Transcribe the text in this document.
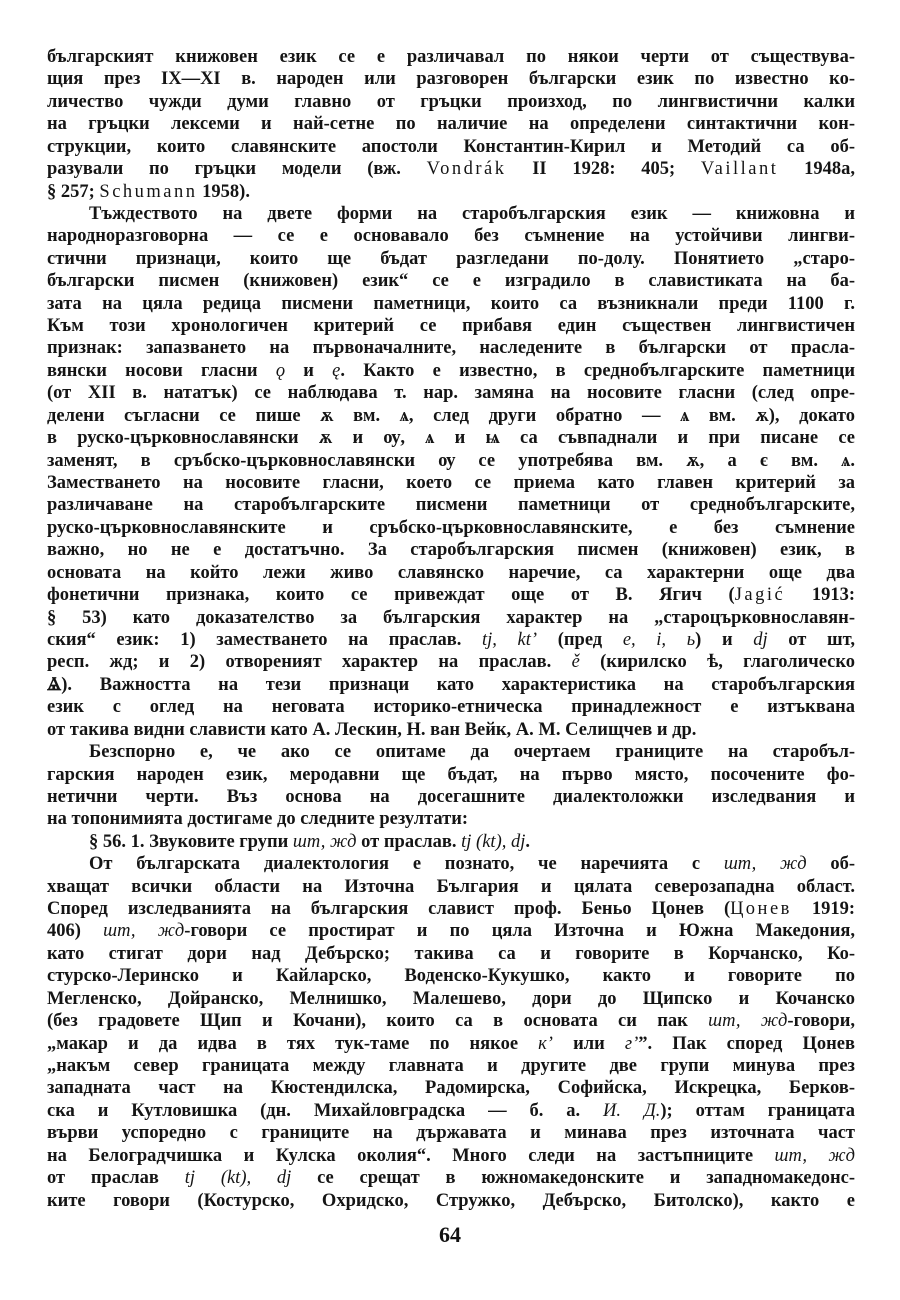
българският книжовен език се е различавал по някои черти от съществува-
щия през IX—XI в. народен или разговорен български език по известно ко-
личество чужди думи главно от гръцки произход, по лингвистични калки
на гръцки лексеми и най-сетне по наличие на определени синтактични кон-
струкции, които славянските апостоли Константин-Кирил и Методий са об-
разували по гръцки модели (вж. Vondrák II 1928: 405; Vaillant 1948a,
§ 257; Schumann 1958).
Тъждеството на двете форми на старобългарския език — книжовна и
народноразговорна — се е основавало без съмнение на устойчиви лингви-
стични признаци, които ще бъдат разгледани по-долу. Понятието „старо-
български писмен (книжовен) език“ се е изградило в славистиката на ба-
зата на цяла редица писмени паметници, които са възникнали преди 1100 г.
Към този хронологичен критерий се прибавя един съществен лингвистичен
признак: запазването на първоначалните, наследените в български от праcла-
вянски носови гласни ǫ и ę. Както е известно, в среднобългарските паметници
(от XII в. нататък) се наблюдава т. нар. замяна на носовите гласни (след опре-
делени съгласни се пише ѫ вм. ѧ, след други обратно — ѧ вм. ѫ), докато
в руско-църковнославянски ѫ и ѹ, ѧ и ѩ са съвпаднали и при писане се
заменят, в сръбско-църковнославянски ѹ се употребява вм. ѫ, а є вм. ѧ.
Заместването на носовите гласни, което се приема като главен критерий за
различаване на старобългарските писмени паметници от среднобългарските,
руско-църковнославянските и сръбско-църковнославянските, е без съмнение
важно, но не е достатъчно. За старобългарския писмен (книжовен) език, в
основата на който лежи живо славянско наречие, са характерни още два
фонетични признака, които се привеждат още от В. Ягич (Jagić 1913:
§ 53) като доказателство за българския характер на „староцърковнославян-
ския“ език: 1) заместването на праслав. tj, kt’ (пред e, i, ь) и dj от шт,
респ. жд; и 2) отвореният характер на праслав. ě (кирилско ѣ, глаголическо
Ⱑ). Важността на тези признаци като характеристика на старобългарския
език с оглед на неговата историко-етническа принадлежност е изтъквана
от такива видни слависти като А. Лескин, Н. ван Вейк, А. М. Селищчев и др.
Безспорно е, че ако се опитаме да очертаем границите на старобъл-
гарския народен език, меродавни ще бъдат, на първо място, посочените фо-
нетични черти. Въз основа на досегашните диалектоложки изследвания и
на топонимията достигаме до следните резултати:
§ 56. 1. Звуковите групи шт, жд от праслав. tj (kt), dj.
От българската диалектология е познато, че наречията с шт, жд об-
хващат всички области на Източна България и цялата северозападна област.
Според изследванията на българския славист проф. Беньо Цонев (Цонев 1919:
406) шт, жд-говори се простират и по цяла Източна и Южна Македония,
като стигат дори над Дебърско; такива са и говорите в Корчанско, Ко-
стурско-Леринско и Кайларско, Воденско-Кукушко, както и говорите по
Мегленско, Дойранско, Мелнишко, Малешево, дори до Щипско и Кочанско
(без градовете Щип и Кочани), които са в основата си пак шт, жд-говори,
„макар и да идва в тях тук-таме по някое к’ или г’”. Пак според Цонев
„накъм север границата между главната и другите две групи минува през
западната част на Кюстендилска, Радомирска, Софийска, Искрецка, Берков-
ска и Кутловишка (дн. Михайловградска — б. а. И. Д.); оттам границата
върви успоредно с границите на държавата и минава през източната част
на Белоградчишка и Кулска околия“. Много следи на застъпниците шт, жд
от праслав tj (kt), dj се срещат в южномакедонските и западномакедонс-
ките говори (Костурско, Охридско, Стружко, Дебърско, Битолско), както е
64
